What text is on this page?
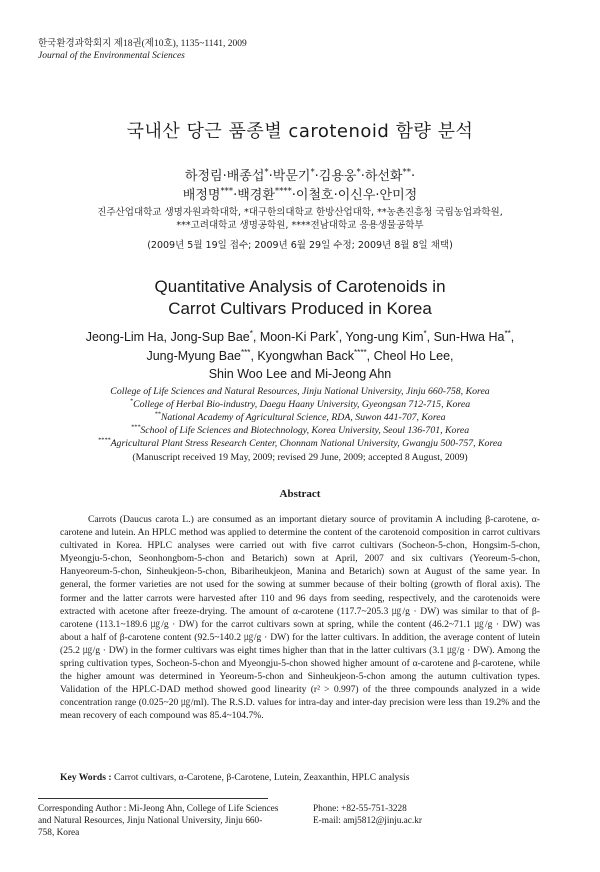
한국환경과학회지 제18권(제10호), 1135~1141, 2009
Journal of the Environmental Sciences
국내산 당근 품종별 carotenoid 함량 분석
하정림·배종섭*·박문기*·김용웅*·하선화**·
배정명***·백경환****·이철호·이신우·안미정
진주산업대학교 생명자원과학대학, *대구한의대학교 한방산업대학, **농촌진흥청 국립농업과학원,
***고려대학교 생명공학원, ****전남대학교 응용생물공학부
(2009년 5월 19일 접수; 2009년 6월 29일 수정; 2009년 8월 8일 채택)
Quantitative Analysis of Carotenoids in
Carrot Cultivars Produced in Korea
Jeong-Lim Ha, Jong-Sup Bae*, Moon-Ki Park*, Yong-ung Kim*, Sun-Hwa Ha**,
Jung-Myung Bae***, Kyongwhan Back****, Cheol Ho Lee,
Shin Woo Lee and Mi-Jeong Ahn
College of Life Sciences and Natural Resources, Jinju National University, Jinju 660-758, Korea
*College of Herbal Bio-industry, Daegu Haany University, Gyeongsan 712-715, Korea
**National Academy of Agricultural Science, RDA, Suwon 441-707, Korea
***School of Life Sciences and Biotechnology, Korea University, Seoul 136-701, Korea
****Agricultural Plant Stress Research Center, Chonnam National University, Gwangju 500-757, Korea
(Manuscript received 19 May, 2009; revised 29 June, 2009; accepted 8 August, 2009)
Abstract

Carrots (Daucus carota L.) are consumed as an important dietary source of provitamin A including β-carotene, α-carotene and lutein. An HPLC method was applied to determine the content of the carotenoid composition in carrot cultivars cultivated in Korea. HPLC analyses were carried out with five carrot cultivars (Socheon-5-chon, Hongsim-5-chon, Myeongju-5-chon, Seonhongbom-5-chon and Betarich) sown at April, 2007 and six cultivars (Yeoreum-5-chon, Hanyeoreum-5-chon, Sinheukjeon-5-chon, Bibariheukjeon, Manina and Betarich) sown at August of the same year. In general, the former varieties are not used for the sowing at summer because of their bolting (growth of floral axis). The former and the latter carrots were harvested after 110 and 96 days from seeding, respectively, and the carotenoids were extracted with acetone after freeze-drying. The amount of α-carotene (117.7~205.3 ㎍/g · DW) was similar to that of β-carotene (113.1~189.6 ㎍/g · DW) for the carrot cultivars sown at spring, while the content (46.2~71.1 ㎍/g · DW) was about a half of β-carotene content (92.5~140.2 ㎍/g · DW) for the latter cultivars. In addition, the average content of lutein (25.2 ㎍/g · DW) in the former cultivars was eight times higher than that in the latter cultivars (3.1 ㎍/g · DW). Among the spring cultivation types, Socheon-5-chon and Myeongju-5-chon showed higher amount of α-carotene and β-carotene, while the higher amount was determined in Yeoreum-5-chon and Sinheukjeon-5-chon among the autumn cultivation types. Validation of the HPLC-DAD method showed good linearity (r² > 0.997) of the three compounds analyzed in a wide concentration range (0.025~20 ㎍/ml). The R.S.D. values for intra-day and inter-day precision were less than 19.2% and the mean recovery of each compound was 85.4~104.7%.

Key Words : Carrot cultivars, α-Carotene, β-Carotene, Lutein, Zeaxanthin, HPLC analysis
Corresponding Author : Mi-Jeong Ahn, College of Life Sciences
and Natural Resources, Jinju National University, Jinju 660-
758, Korea
Phone: +82-55-751-3228
E-mail: amj5812@jinju.ac.kr
